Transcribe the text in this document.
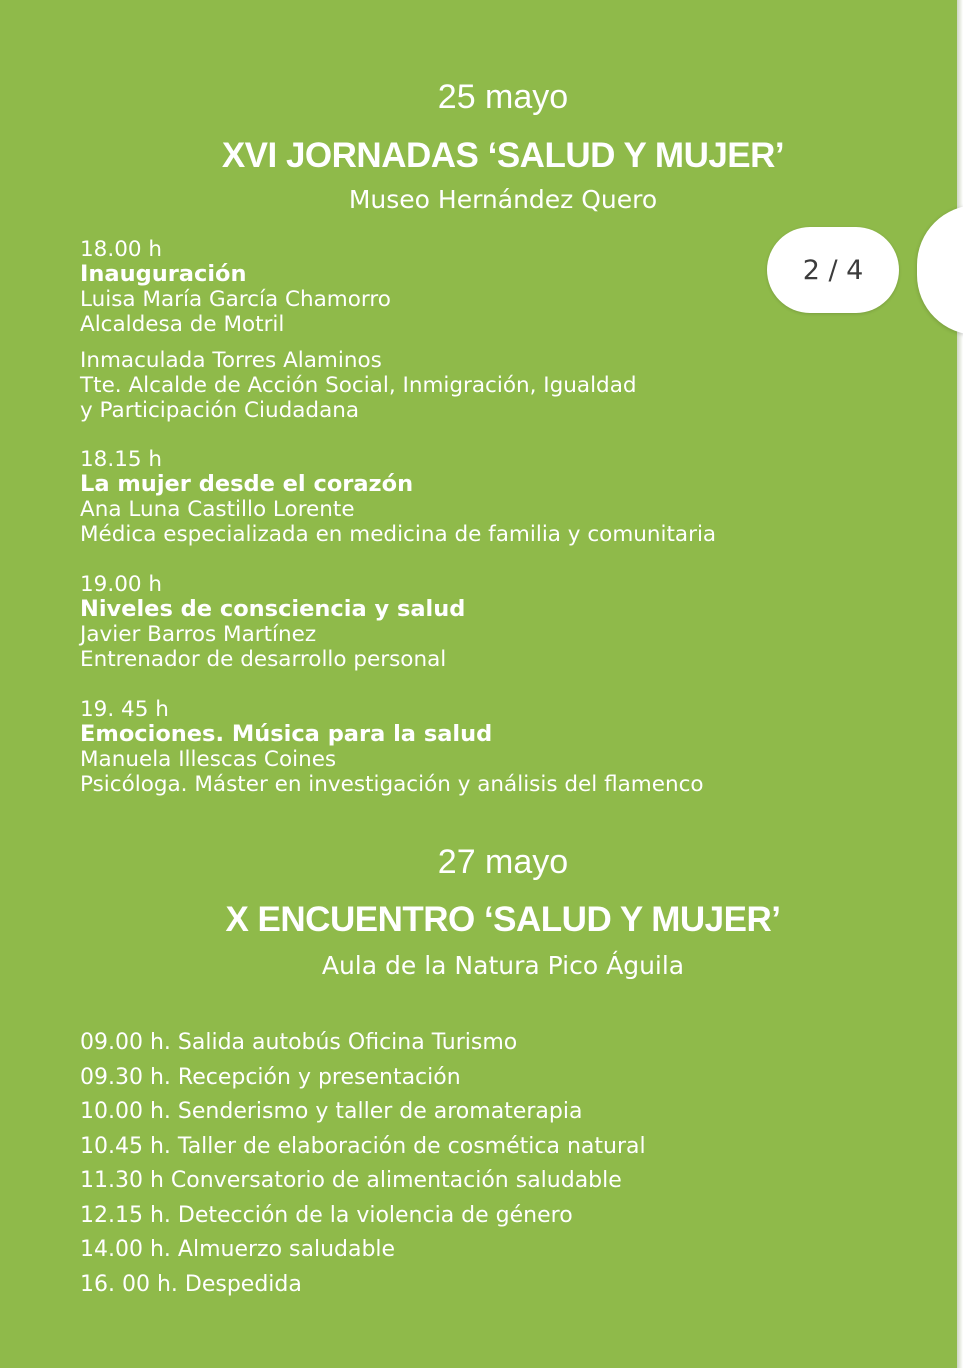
25 mayo
XVI JORNADAS ‘SALUD Y MUJER’
Museo Hernández Quero
18.00 h
Inauguración
Luisa María García Chamorro
Alcaldesa de Motril
Inmaculada Torres Alaminos
Tte. Alcalde de Acción Social, Inmigración, Igualdad
y Participación Ciudadana
18.15 h
La mujer desde el corazón
Ana Luna Castillo Lorente
Médica especializada en medicina de familia y comunitaria
19.00 h
Niveles de consciencia y salud
Javier Barros Martínez
Entrenador de desarrollo personal
19. 45 h
Emociones. Música para la salud
Manuela Illescas Coines
Psicóloga. Máster en investigación y análisis del flamenco
27 mayo
X ENCUENTRO ‘SALUD Y MUJER’
Aula de la Natura Pico Águila
09.00 h. Salida autobús Oficina Turismo
09.30 h. Recepción y presentación
10.00 h. Senderismo y taller de aromaterapia
10.45 h. Taller de elaboración de cosmética natural
11.30 h Conversatorio de alimentación saludable
12.15 h. Detección de la violencia de género
14.00 h. Almuerzo saludable
16. 00 h. Despedida
2 / 4
